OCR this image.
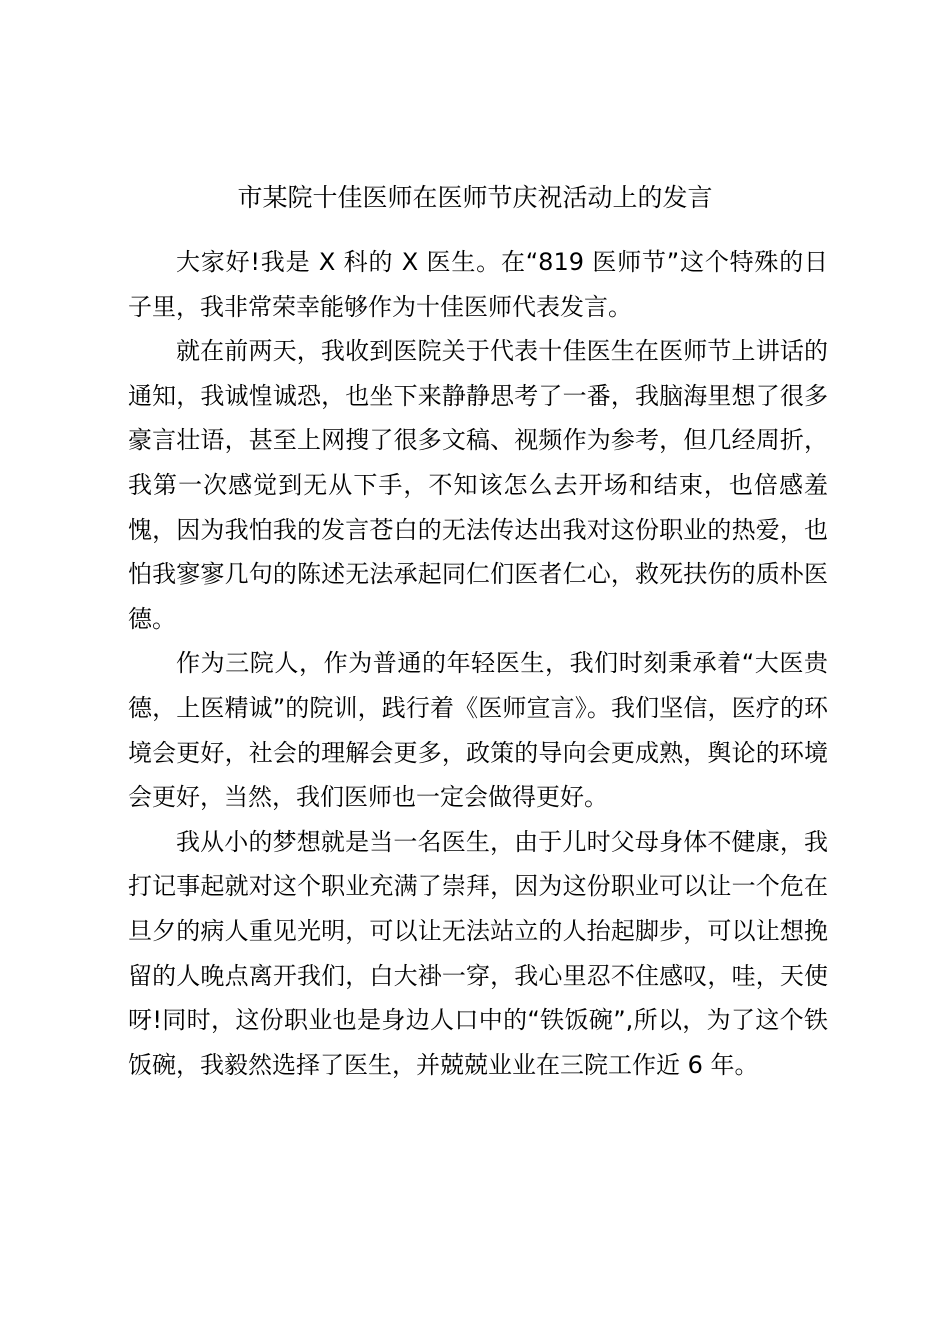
市某院十佳医师在医师节庆祝活动上的发言

大家好!我是 X 科的 X 医生。在“819 医师节”这个特殊的日子里，我非常荣幸能够作为十佳医师代表发言。

就在前两天，我收到医院关于代表十佳医生在医师节上讲话的通知，我诚惶诚恐，也坐下来静静思考了一番，我脑海里想了很多豪言壮语，甚至上网搜了很多文稿、视频作为参考，但几经周折，我第一次感觉到无从下手，不知该怎么去开场和结束，也倍感羞愧，因为我怕我的发言苍白的无法传达出我对这份职业的热爱，也怕我寥寥几句的陈述无法承起同仁们医者仁心，救死扶伤的质朴医德。

作为三院人，作为普通的年轻医生，我们时刻秉承着“大医贵德，上医精诚”的院训，践行着《医师宣言》。我们坚信，医疗的环境会更好，社会的理解会更多，政策的导向会更成熟，舆论的环境会更好，当然，我们医师也一定会做得更好。

我从小的梦想就是当一名医生，由于儿时父母身体不健康，我打记事起就对这个职业充满了崇拜，因为这份职业可以让一个危在旦夕的病人重见光明，可以让无法站立的人抬起脚步，可以让想挽留的人晚点离开我们，白大褂一穿，我心里忍不住感叹，哇，天使呀!同时，这份职业也是身边人口中的“铁饭碗”,所以，为了这个铁饭碗，我毅然选择了医生，并兢兢业业在三院工作近 6 年。
